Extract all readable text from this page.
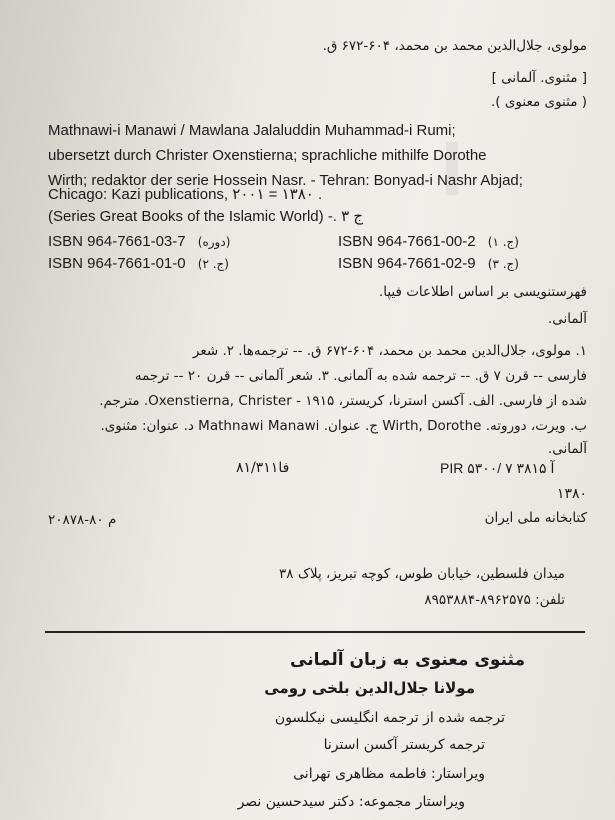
ا
مولوی، جلال‌الدین محمد بن محمد، ۶۰۴-۶۷۲ ق.
[ مثنوی. آلمانی ]
( مثنوی معنوی ).
Mathnawi-i Manawi / Mawlana Jalaluddin Muhammad-i Rumi;
ubersetzt durch Christer Oxenstierna; sprachliche mithilfe Dorothe
Wirth; redaktor der serie Hossein Nasr. - Tehran: Bonyad-i Nashr Abjad;
Chicago: Kazi publications, ۲۰۰۱ = ۱۳۸۰ .
(Series Great Books of the Islamic World) -. ۳ ج
ISBN 964-7661-03-7 (دوره)	ISBN 964-7661-00-2 (ج. ۱)
ISBN 964-7661-01-0 (ج. ۲)	ISBN 964-7661-02-9 (ج. ۳)
فهرستنویسی بر اساس اطلاعات فیپا.
آلمانی.
۱. مولوی، جلال‌الدین محمد بن محمد، ۶۰۴-۶۷۲ ق. -- ترجمه‌ها. ۲. شعر
فارسی -- قرن ۷ ق. -- ترجمه شده به آلمانی. ۳. شعر آلمانی -- قرن ۲۰ -- ترجمه
شده از فارسی. الف. آکسن استرنا، کریستر، ۱۹۱۵ - Oxenstierna, Christer. مترجم.
ب. ویرت، دوروته. Wirth, Dorothe ج. عنوان. Mathnawi Manawi د. عنوان: مثنوی.
آلمانی.
PIR ۵۳۰۰/ ۷ آ ۳۸۱۵
۸۱/۳۱فا۱
۱۳۸۰
کتابخانه ملی ایران
م ۸۰-۲۰۸۷۸
میدان فلسطین، خیابان طوس، کوچه تبریز، پلاک ۳۸
تلفن: ۸۹۶۲۵۷۵-۸۹۵۳۸۸۴
مثنوی معنوی به زبان آلمانی
مولانا جلال‌الدین بلخی رومی
ترجمه شده از ترجمه انگلیسی نیکلسون
ترجمه کریستر آکسن استرنا
ویراستار: فاطمه مظاهری تهرانی
ویراستار مجموعه: دکتر سیدحسین نصر
